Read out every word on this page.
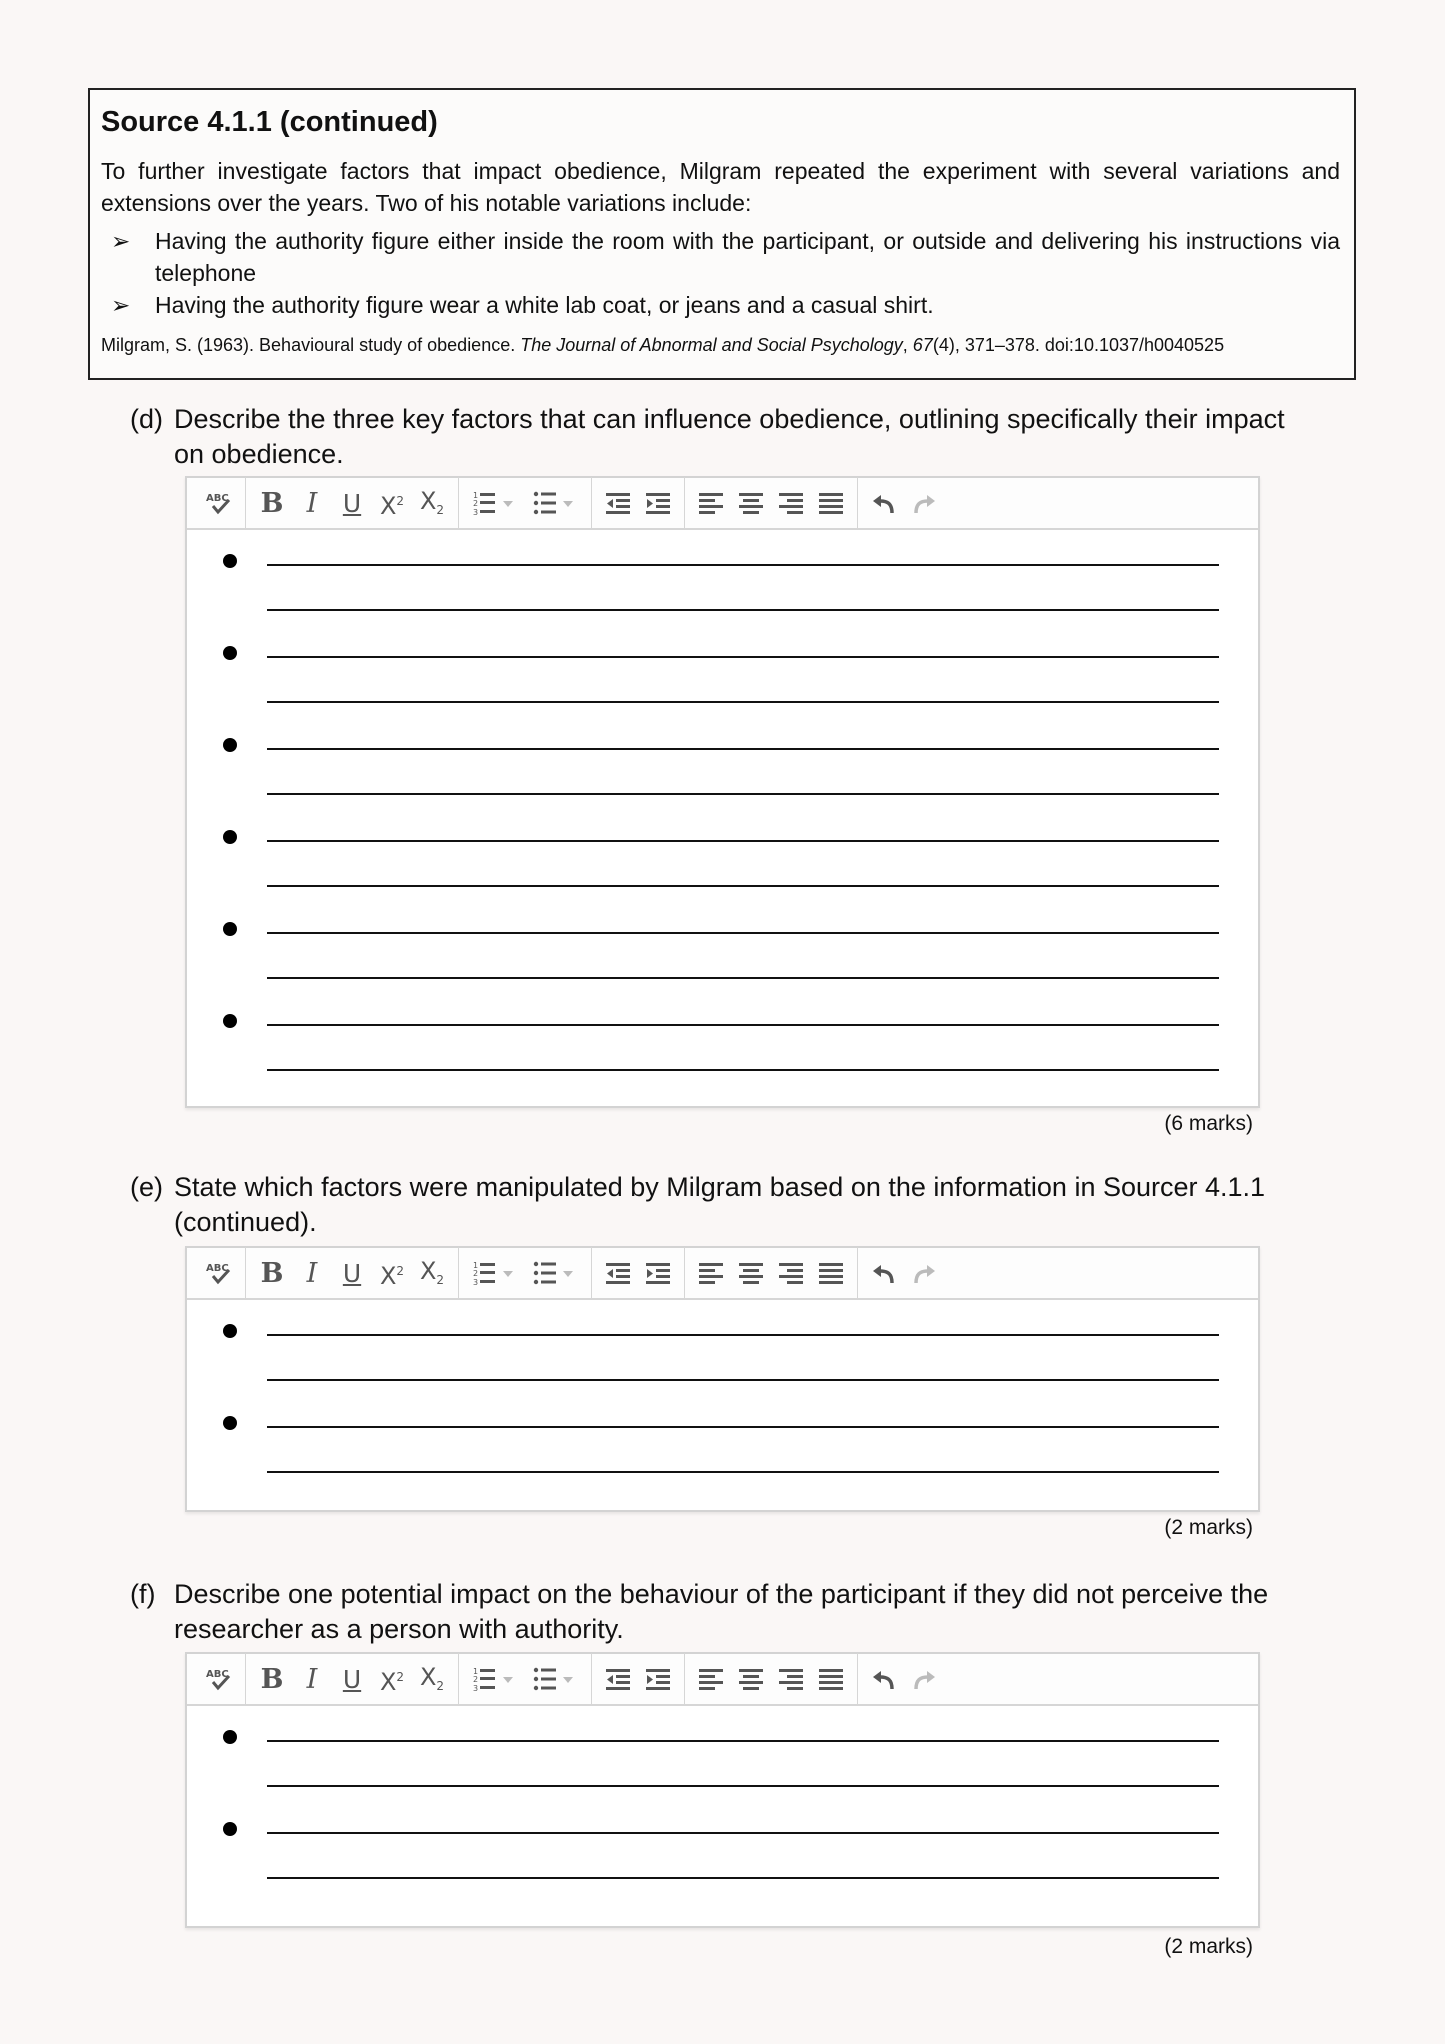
Source 4.1.1 (continued)

To further investigate factors that impact obedience, Milgram repeated the experiment with several variations and extensions over the years. Two of his notable variations include:

➢ Having the authority figure either inside the room with the participant, or outside and delivering his instructions via telephone
➢ Having the authority figure wear a white lab coat, or jeans and a casual shirt.
Milgram, S. (1963). Behavioural study of obedience. The Journal of Abnormal and Social Psychology, 67(4), 371–378. doi:10.1037/h0040525
(d) Describe the three key factors that can influence obedience, outlining specifically their impact on obedience.
ABC B I U $X^2$ $X_2$
1
2
3
(6 marks)
(e) State which factors were manipulated by Milgram based on the information in Sourcer 4.1.1 (continued).
ABC B I U $X^2$ $X_2$
1
2
3
(2 marks)
(f) Describe one potential impact on the behaviour of the participant if they did not perceive the researcher as a person with authority.
ABC B I U $X^2$ $X_2$
1
2
3
(2 marks)
